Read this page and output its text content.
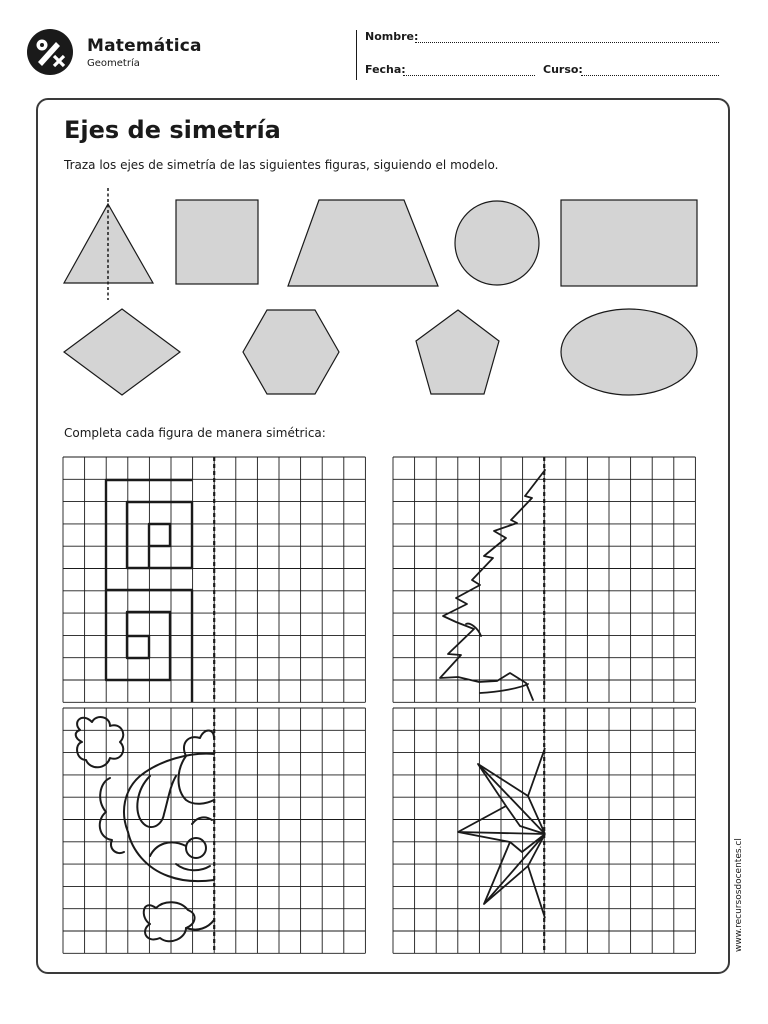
Matemática
Geometría
Nombre:
Fecha:	Curso:
Ejes de simetría
Traza los ejes de simetría de las siguientes figuras, siguiendo el modelo.
Completa cada figura de manera simétrica:
www.recursosdocentes.cl
